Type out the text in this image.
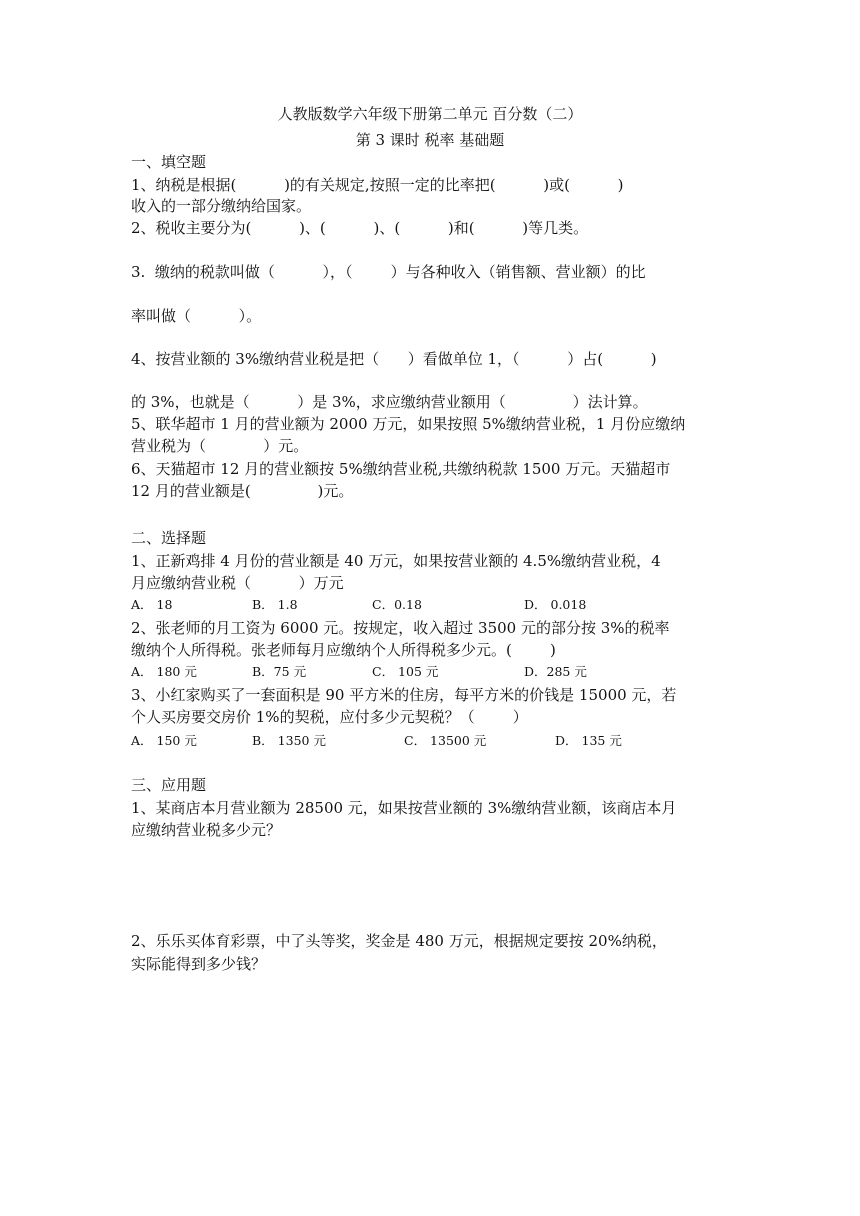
人教版数学六年级下册第二单元 百分数（二）
第 3 课时 税率 基础题
一、填空题
1、纳税是根据(          )的有关规定,按照一定的比率把(          )或(          )
收入的一部分缴纳给国家。
2、税收主要分为(          )、(          )、(          )和(          )等几类。
3.  缴纳的税款叫做（          ），（        ）与各种收入（销售额、营业额）的比
率叫做（          ）。
4、按营业额的 3%缴纳营业税是把（      ）看做单位 1，（          ）占(          )
的 3%，也就是（          ）是 3%，求应缴纳营业额用（              ）法计算。
5、联华超市 1 月的营业额为 2000 万元，如果按照 5%缴纳营业税，1 月份应缴纳
营业税为（            ）元。
6、天猫超市 12 月的营业额按 5%缴纳营业税,共缴纳税款 1500 万元。天猫超市
12 月的营业额是(              )元。
二、选择题
1、正新鸡排 4 月份的营业额是 40 万元，如果按营业额的 4.5%缴纳营业税，4
月应缴纳营业税（          ）万元
A． 18	B． 1.8	C．0.18	D． 0.018
2、张老师的月工资为 6000 元。按规定，收入超过 3500 元的部分按 3%的税率
缴纳个人所得税。张老师每月应缴纳个人所得税多少元。(        )
A． 180 元	B．75 元	C． 105 元	D．285 元
3、小红家购买了一套面积是 90 平方米的住房，每平方米的价钱是 15000 元，若
个人买房要交房价 1%的契税，应付多少元契税？（        ）
A． 150 元	B． 1350 元	C． 13500 元	D． 135 元
三、应用题
1、某商店本月营业额为 28500 元，如果按营业额的 3%缴纳营业额，该商店本月
应缴纳营业税多少元？
2、乐乐买体育彩票，中了头等奖，奖金是 480 万元，根据规定要按 20%纳税，
实际能得到多少钱？
